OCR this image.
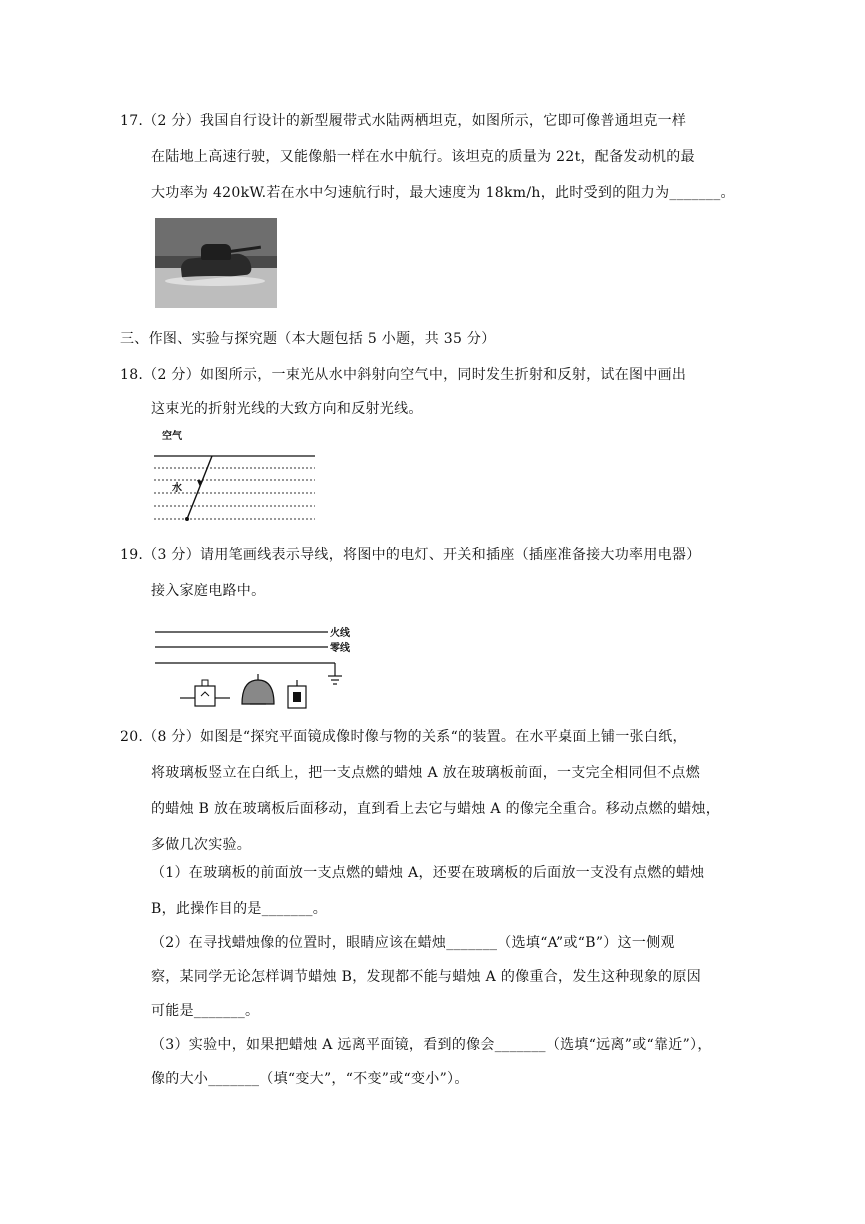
17.（2 分）我国自行设计的新型履带式水陆两栖坦克，如图所示，它即可像普通坦克一样
在陆地上高速行驶，又能像船一样在水中航行。该坦克的质量为 22t，配备发动机的最
大功率为 420kW.若在水中匀速航行时，最大速度为 18km/h，此时受到的阻力为_______。
三、作图、实验与探究题（本大题包括 5 小题，共 35 分）
18.（2 分）如图所示，一束光从水中斜射向空气中，同时发生折射和反射，试在图中画出
这束光的折射光线的大致方向和反射光线。
空气
水
19.（3 分）请用笔画线表示导线，将图中的电灯、开关和插座（插座准备接大功率用电器）
接入家庭电路中。
火线
零线
20.（8 分）如图是“探究平面镜成像时像与物的关系“的装置。在水平桌面上铺一张白纸，
将玻璃板竖立在白纸上，把一支点燃的蜡烛 A 放在玻璃板前面，一支完全相同但不点燃
的蜡烛 B 放在玻璃板后面移动，直到看上去它与蜡烛 A 的像完全重合。移动点燃的蜡烛，
多做几次实验。
（1）在玻璃板的前面放一支点燃的蜡烛 A，还要在玻璃板的后面放一支没有点燃的蜡烛
B，此操作目的是_______。
（2）在寻找蜡烛像的位置时，眼睛应该在蜡烛_______（选填“A”或“B”）这一侧观
察，某同学无论怎样调节蜡烛 B，发现都不能与蜡烛 A 的像重合，发生这种现象的原因
可能是_______。
（3）实验中，如果把蜡烛 A 远离平面镜，看到的像会_______（选填“远离”或“靠近”），
像的大小_______（填“变大”，“不变”或“变小”）。
